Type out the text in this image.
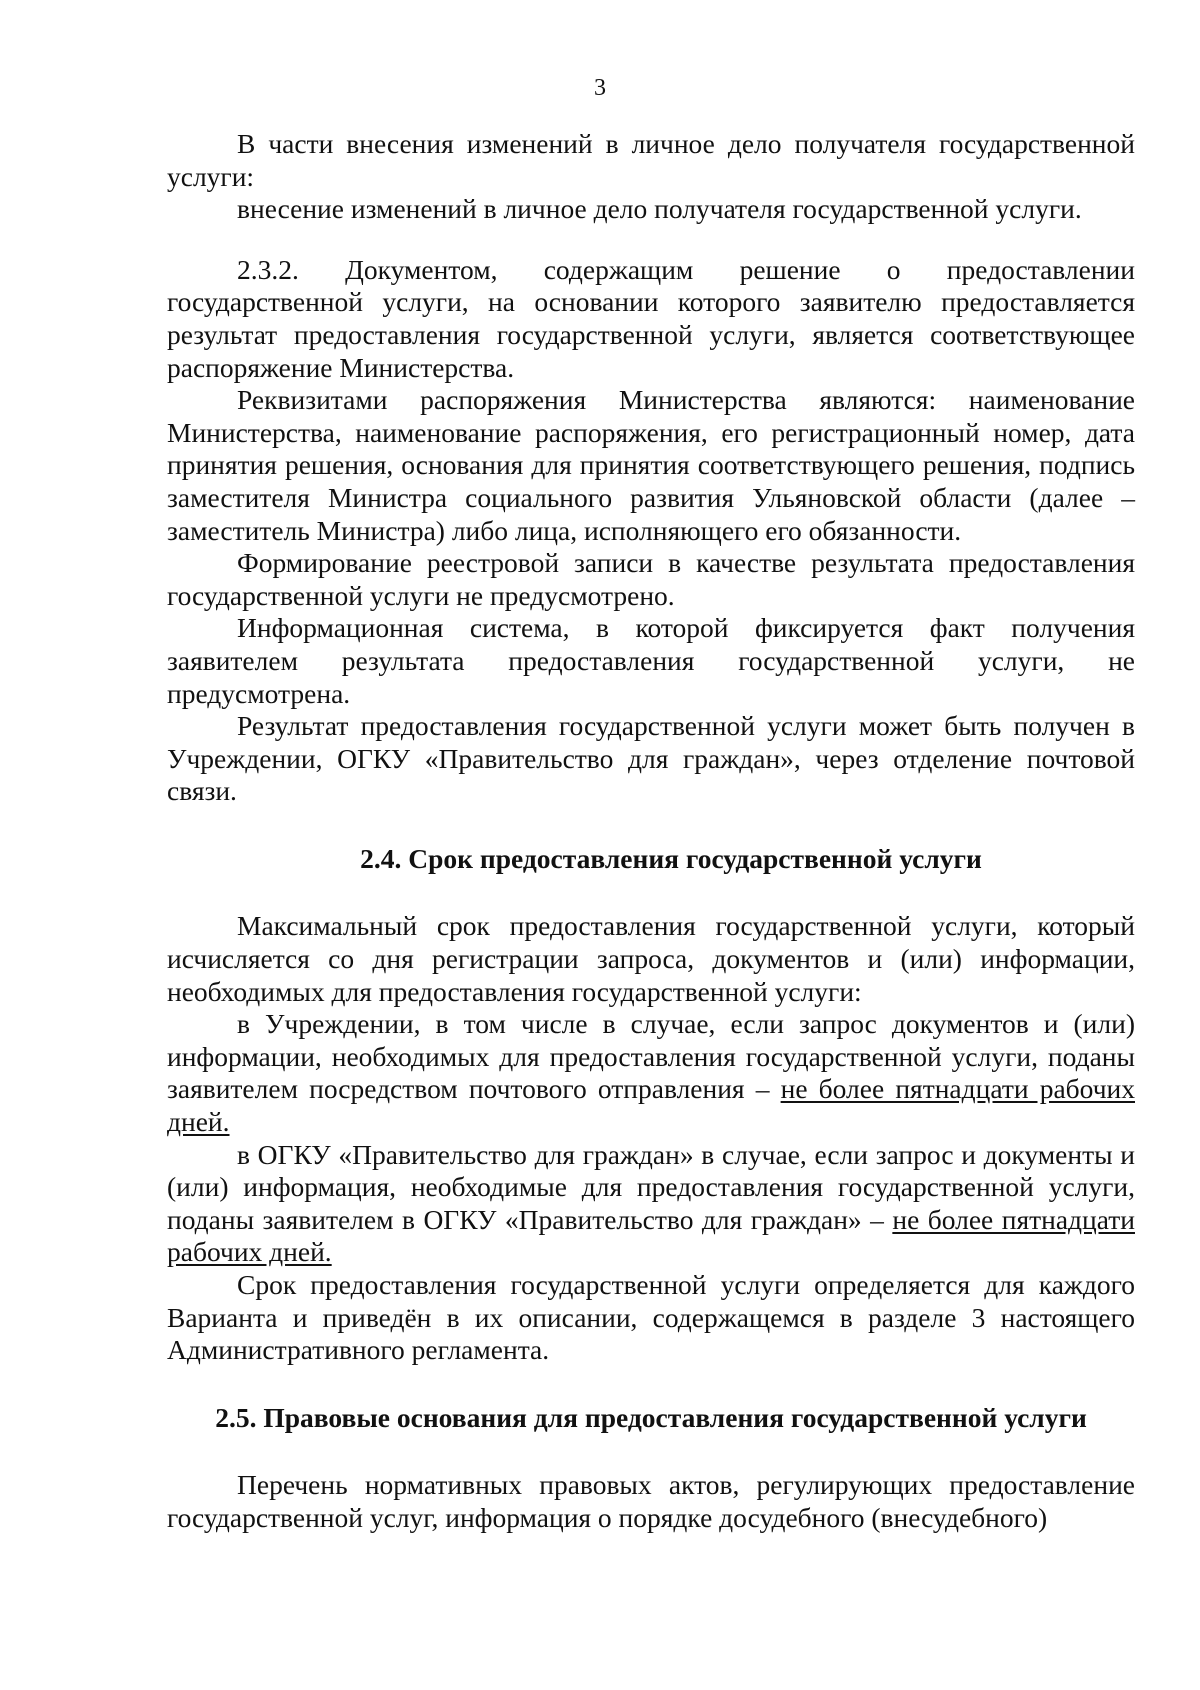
3

В части внесения изменений в личное дело получателя государственной услуги:

внесение изменений в личное дело получателя государственной услуги.

2.3.2. Документом, содержащим решение о предоставлении государственной услуги, на основании которого заявителю предоставляется результат предоставления государственной услуги, является соответствующее распоряжение Министерства.

Реквизитами распоряжения Министерства являются: наименование Министерства, наименование распоряжения, его регистрационный номер, дата принятия решения, основания для принятия соответствующего решения, подпись заместителя Министра социального развития Ульяновской области (далее – заместитель Министра) либо лица, исполняющего его обязанности.

Формирование реестровой записи в качестве результата предоставления государственной услуги не предусмотрено.

Информационная система, в которой фиксируется факт получения заявителем результата предоставления государственной услуги, не предусмотрена.

Результат предоставления государственной услуги может быть получен в Учреждении, ОГКУ «Правительство для граждан», через отделение почтовой связи.

2.4. Срок предоставления государственной услуги

Максимальный срок предоставления государственной услуги, который исчисляется со дня регистрации запроса, документов и (или) информации, необходимых для предоставления государственной услуги:

в Учреждении, в том числе в случае, если запрос документов и (или) информации, необходимых для предоставления государственной услуги, поданы заявителем посредством почтового отправления – не более пятнадцати рабочих дней.

в ОГКУ «Правительство для граждан» в случае, если запрос и документы и (или) информация, необходимые для предоставления государственной услуги, поданы заявителем в ОГКУ «Правительство для граждан» – не более пятнадцати рабочих дней.

Срок предоставления государственной услуги определяется для каждого Варианта и приведён в их описании, содержащемся в разделе 3 настоящего Административного регламента.

2.5. Правовые основания для предоставления государственной услуги

Перечень нормативных правовых актов, регулирующих предоставление государственной услуг, информация о порядке досудебного (внесудебного)
